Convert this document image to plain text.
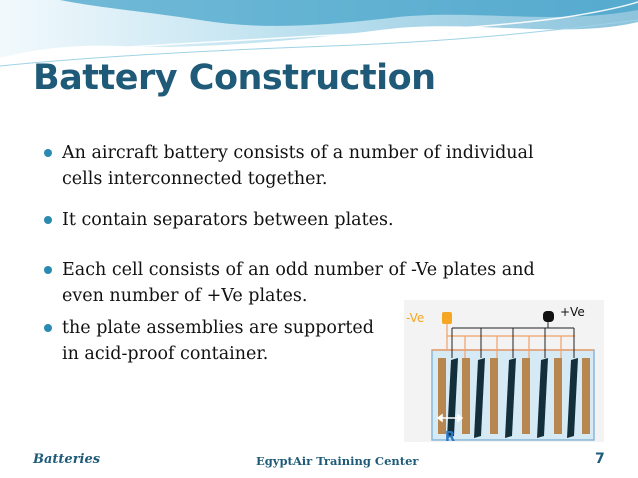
Battery Construction
An aircraft battery consists of a number of individual
cells interconnected together.
It contain separators between plates.
Each cell consists of an odd number of -Ve plates and
even number of +Ve plates.
the plate assemblies are supported
in acid-proof container.
-Ve	+Ve
R
Batteries	EgyptAir Training Center	7
